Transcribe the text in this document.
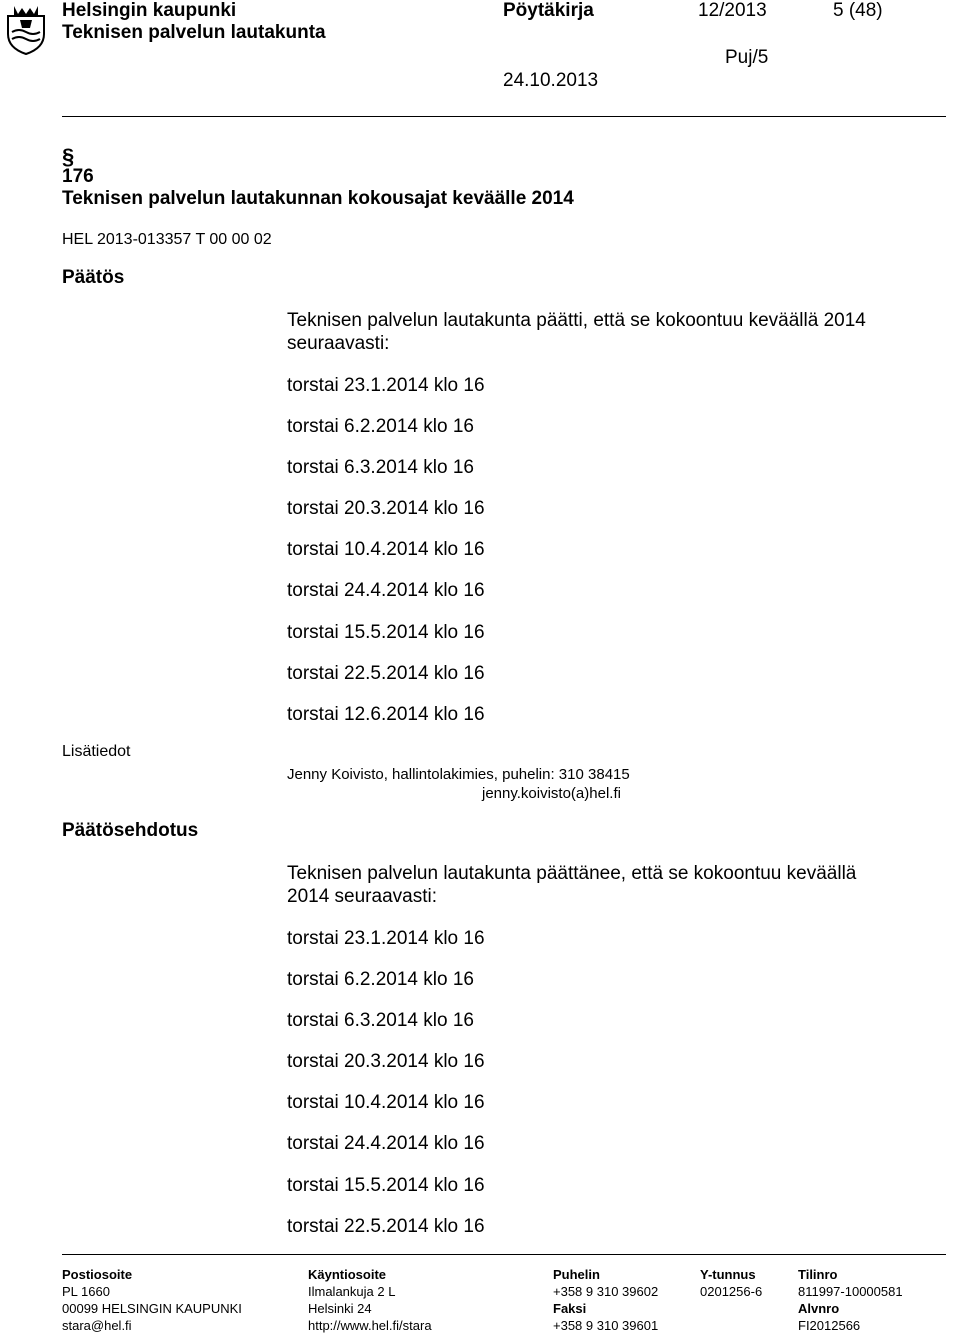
Helsingin kaupunki	Pöytäkirja	12/2013	5 (48)
Teknisen palvelun lautakunta
Puj/5
24.10.2013
§
176
Teknisen palvelun lautakunnan kokousajat keväälle 2014
HEL 2013-013357 T 00 00 02
Päätös
Teknisen palvelun lautakunta päätti, että se kokoontuu keväällä 2014
seuraavasti:
torstai 23.1.2014 klo 16
torstai 6.2.2014 klo 16
torstai 6.3.2014 klo 16
torstai 20.3.2014 klo 16
torstai 10.4.2014 klo 16
torstai 24.4.2014 klo 16
torstai 15.5.2014 klo 16
torstai 22.5.2014 klo 16
torstai 12.6.2014 klo 16
Lisätiedot
Jenny Koivisto, hallintolakimies, puhelin: 310 38415
jenny.koivisto(a)hel.fi
Päätösehdotus
Teknisen palvelun lautakunta päättänee, että se kokoontuu keväällä
2014 seuraavasti:
torstai 23.1.2014 klo 16
torstai 6.2.2014 klo 16
torstai 6.3.2014 klo 16
torstai 20.3.2014 klo 16
torstai 10.4.2014 klo 16
torstai 24.4.2014 klo 16
torstai 15.5.2014 klo 16
torstai 22.5.2014 klo 16
Postiosoite
PL 1660
00099 HELSINGIN KAUPUNKI
stara@hel.fi
Käyntiosoite
Ilmalankuja 2 L
Helsinki 24
http://www.hel.fi/stara
Puhelin
+358 9 310 39602
Faksi
+358 9 310 39601
Y-tunnus
0201256-6
Tilinro
811997-10000581
Alvnro
FI2012566
